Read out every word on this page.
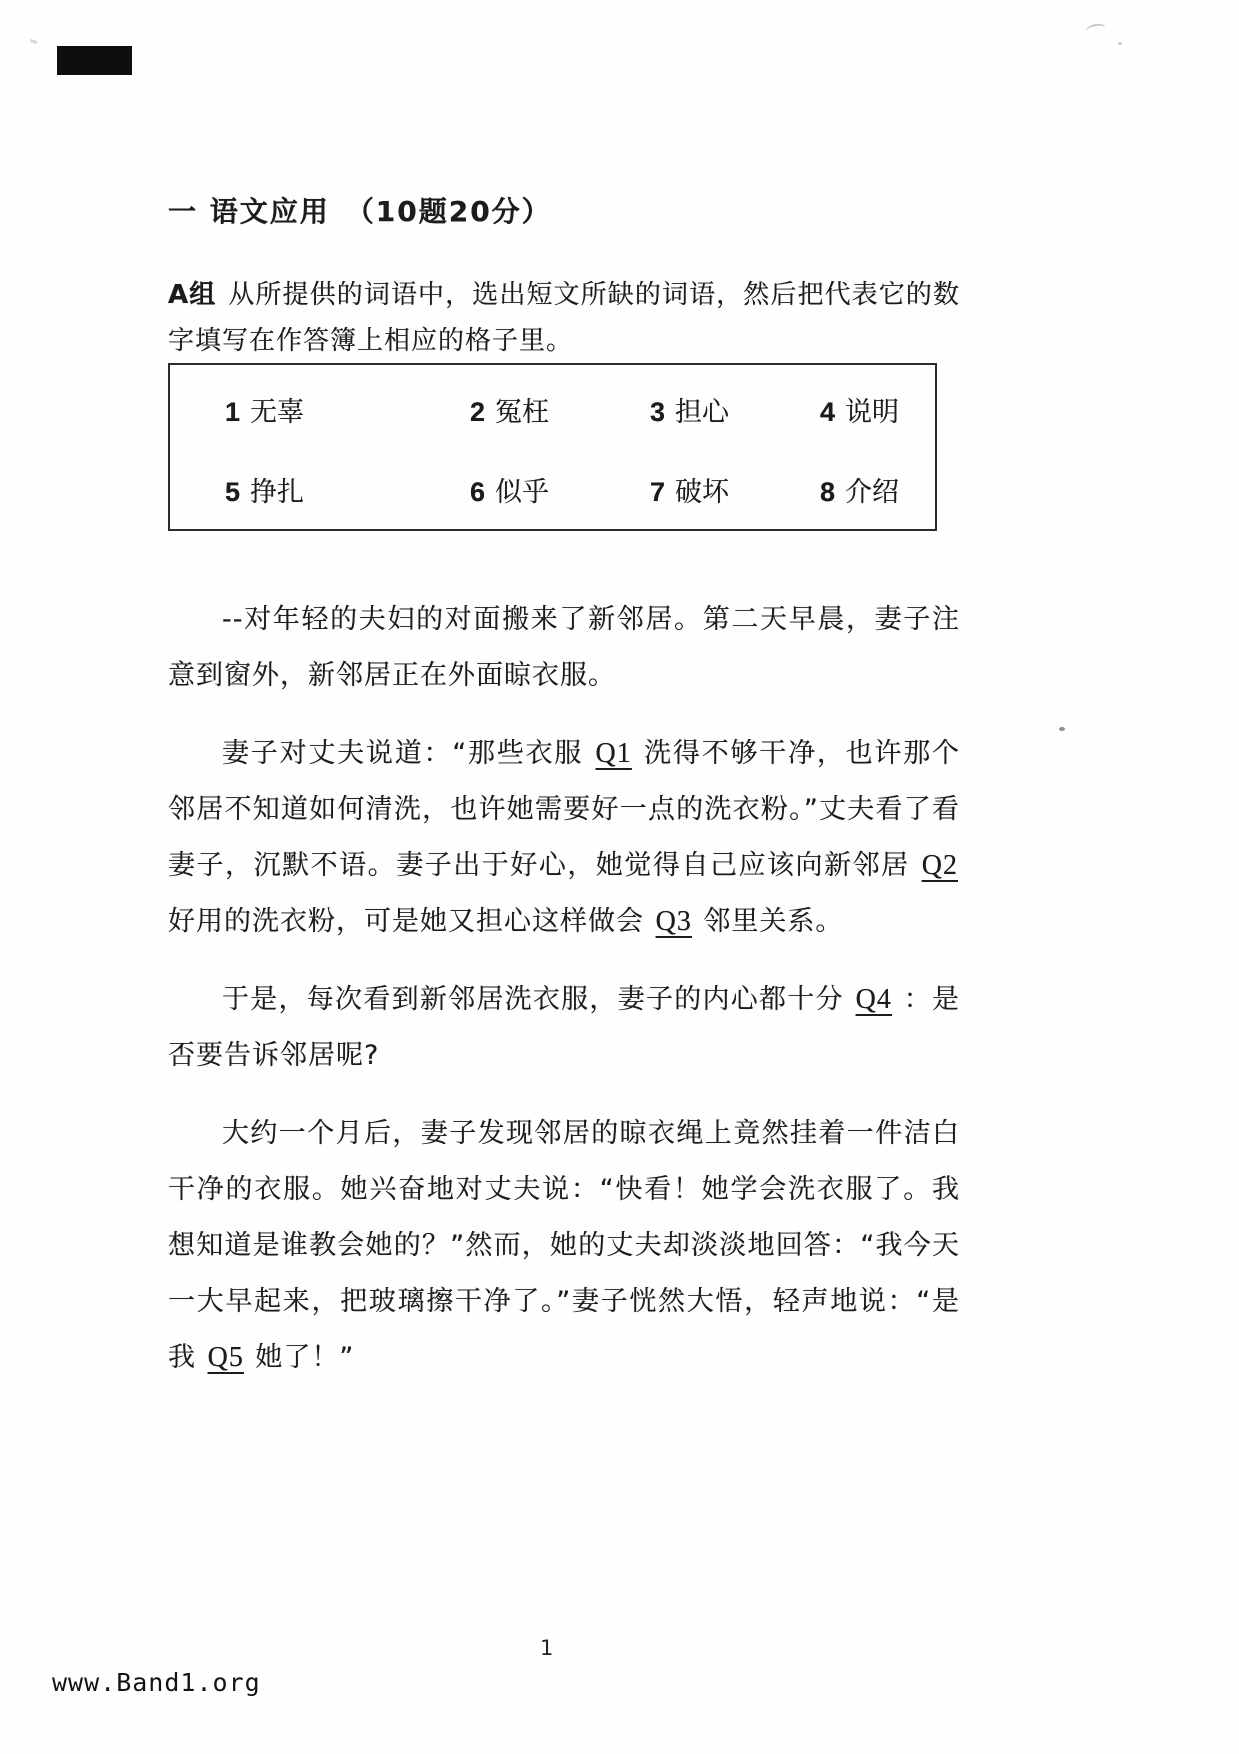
一 语文应用　（10题20分）

A组 从所提供的词语中，选出短文所缺的词语，然后把代表它的数字填写在作答簿上相应的格子里。

1 无辜	2 冤枉	3 担心	4 说明
5 挣扎	6 似乎	7 破坏	8 介绍

--对年轻的夫妇的对面搬来了新邻居。第二天早晨，妻子注意到窗外，新邻居正在外面晾衣服。

妻子对丈夫说道：“那些衣服 Q1 洗得不够干净，也许那个邻居不知道如何清洗，也许她需要好一点的洗衣粉。”丈夫看了看妻子，沉默不语。妻子出于好心，她觉得自己应该向新邻居 Q2 好用的洗衣粉，可是她又担心这样做会 Q3 邻里关系。

于是，每次看到新邻居洗衣服，妻子的内心都十分 Q4 ：是否要告诉邻居呢?

大约一个月后，妻子发现邻居的晾衣绳上竟然挂着一件洁白干净的衣服。她兴奋地对丈夫说：“快看！她学会洗衣服了。我想知道是谁教会她的？”然而，她的丈夫却淡淡地回答：“我今天一大早起来，把玻璃擦干净了。”妻子恍然大悟，轻声地说：“是我 Q5 她了！”

1
www.Band1.org
